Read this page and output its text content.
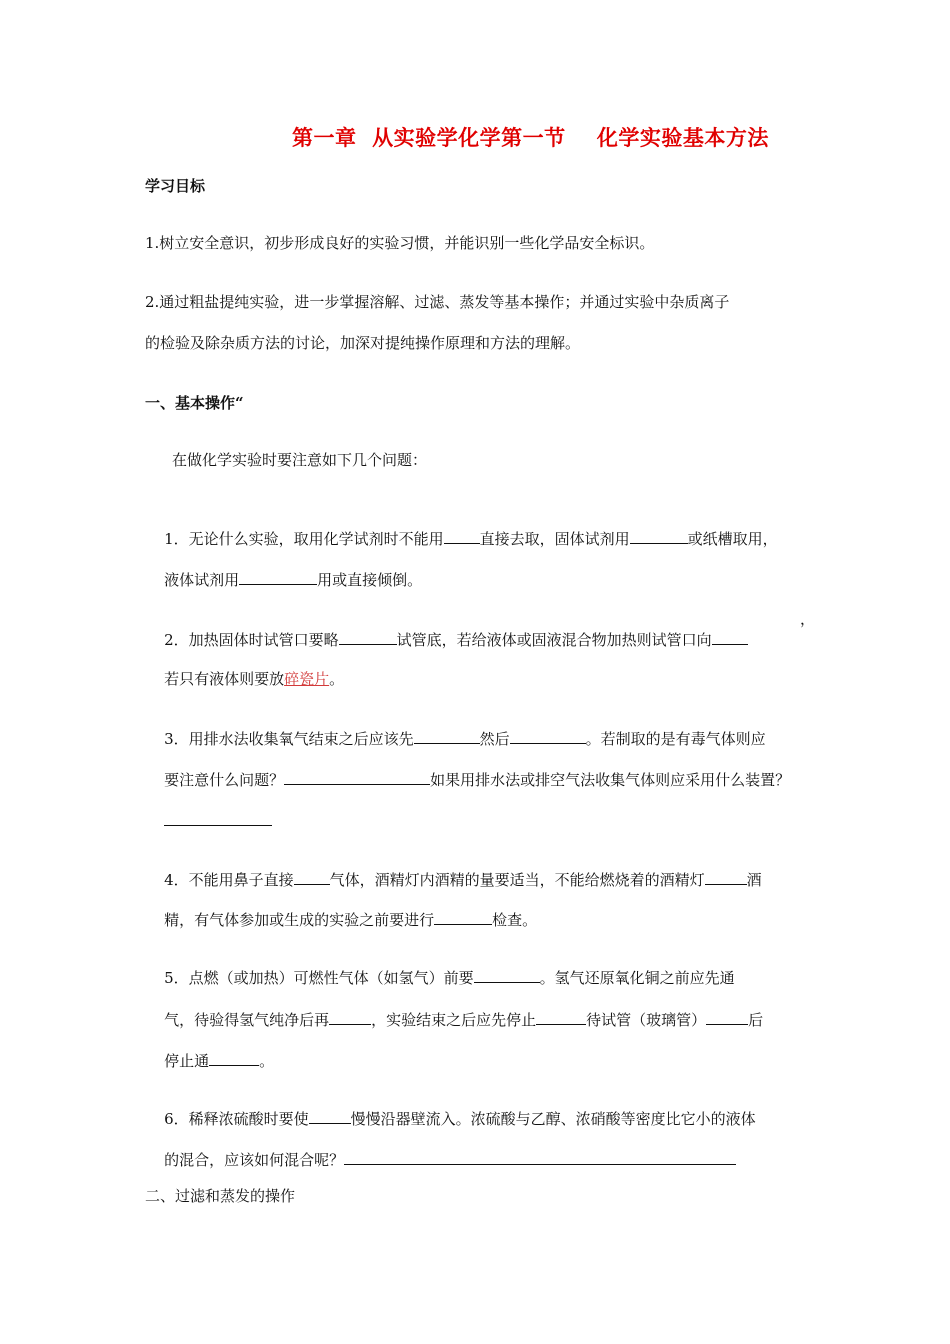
第一章  从实验学化学第一节    化学实验基本方法
学习目标
1.树立安全意识，初步形成良好的实验习惯，并能识别一些化学品安全标识。
2.通过粗盐提纯实验，进一步掌握溶解、过滤、蒸发等基本操作；并通过实验中杂质离子
的检验及除杂质方法的讨论，加深对提纯操作原理和方法的理解。
一、基本操作“
在做化学实验时要注意如下几个问题：

1．无论什么实验，取用化学试剂时不能用 直接去取，固体试剂用	或纸槽取用，

液体试剂用	用或直接倾倒。

2．加热固体时试管口要略	试管底，若给液体或固液混合物加热则试管口向

，

若只有液体则要放碎瓷片。

3．用排水法收集氧气结束之后应该先	然后	。若制取的是有毒气体则应

要注意什么问题？	如果用排水法或排空气法收集气体则应采用什么装置？

4．不能用鼻子直接 气体，酒精灯内酒精的量要适当，不能给燃烧着的酒精灯	酒

精，有气体参加或生成的实验之前要进行	检查。

5．点燃（或加热）可燃性气体（如氢气）前要	。氢气还原氧化铜之前应先通

气，待验得氢气纯净后再	，实验结束之后应先停止	待试管（玻璃管）	后

停止通	。

6．稀释浓硫酸时要使	慢慢沿器壁流入。浓硫酸与乙醇、浓硝酸等密度比它小的液体

的混合，应该如何混合呢？

二、过滤和蒸发的操作
